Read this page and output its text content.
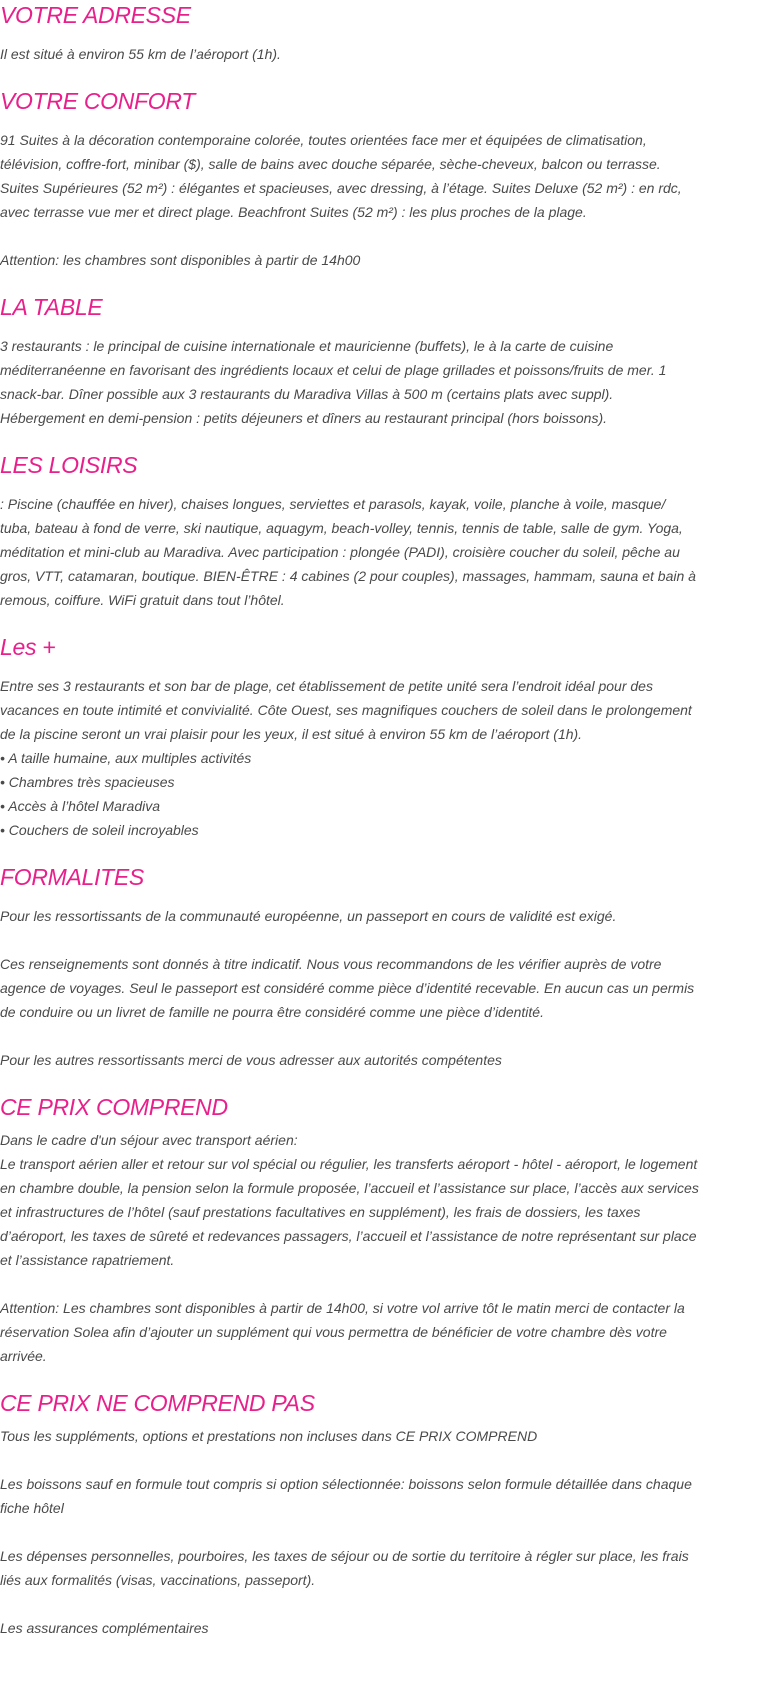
VOTRE ADRESSE

Il est situé à environ 55 km de l’aéroport (1h).

VOTRE CONFORT

91 Suites à la décoration contemporaine colorée, toutes orientées face mer et équipées de climatisation, télévision, coffre-fort, minibar ($), salle de bains avec douche séparée, sèche-cheveux, balcon ou terrasse. Suites Supérieures (52 m²) : élégantes et spacieuses, avec dressing, à l’étage. Suites Deluxe (52 m²) : en rdc, avec terrasse vue mer et direct plage. Beachfront Suites (52 m²) : les plus proches de la plage.

Attention: les chambres sont disponibles à partir de 14h00

LA TABLE

3 restaurants : le principal de cuisine internationale et mauricienne (buffets), le à la carte de cuisine méditerranéenne en favorisant des ingrédients locaux et celui de plage grillades et poissons/fruits de mer. 1 snack-bar. Dîner possible aux 3 restaurants du Maradiva Villas à 500 m (certains plats avec suppl). Hébergement en demi-pension : petits déjeuners et dîners au restaurant principal (hors boissons).

LES LOISIRS

: Piscine (chauffée en hiver), chaises longues, serviettes et parasols, kayak, voile, planche à voile, masque/ tuba, bateau à fond de verre, ski nautique, aquagym, beach-volley, tennis, tennis de table, salle de gym. Yoga, méditation et mini-club au Maradiva. Avec participation : plongée (PADI), croisière coucher du soleil, pêche au gros, VTT, catamaran, boutique. BIEN-ÊTRE : 4 cabines (2 pour couples), massages, hammam, sauna et bain à remous, coiffure. WiFi gratuit dans tout l’hôtel.

Les +

Entre ses 3 restaurants et son bar de plage, cet établissement de petite unité sera l’endroit idéal pour des vacances en toute intimité et convivialité. Côte Ouest, ses magnifiques couchers de soleil dans le prolongement de la piscine seront un vrai plaisir pour les yeux, il est situé à environ 55 km de l’aéroport (1h).

• A taille humaine, aux multiples activités

• Chambres très spacieuses

• Accès à l’hôtel Maradiva

• Couchers de soleil incroyables

FORMALITES

Pour les ressortissants de la communauté européenne, un passeport en cours de validité est exigé.

Ces renseignements sont donnés à titre indicatif. Nous vous recommandons de les vérifier auprès de votre agence de voyages. Seul le passeport est considéré comme pièce d’identité recevable. En aucun cas un permis de conduire ou un livret de famille ne pourra être considéré comme une pièce d’identité.

Pour les autres ressortissants merci de vous adresser aux autorités compétentes

CE PRIX COMPREND

Dans le cadre d'un séjour avec transport aérien:

Le transport aérien aller et retour sur vol spécial ou régulier, les transferts aéroport - hôtel - aéroport, le logement en chambre double, la pension selon la formule proposée, l’accueil et l’assistance sur place, l’accès aux services et infrastructures de l’hôtel (sauf prestations facultatives en supplément), les frais de dossiers, les taxes d’aéroport, les taxes de sûreté et redevances passagers, l’accueil et l’assistance de notre représentant sur place et l’assistance rapatriement.

Attention: Les chambres sont disponibles à partir de 14h00, si votre vol arrive tôt le matin merci de contacter la réservation Solea afin d’ajouter un supplément qui vous permettra de bénéficier de votre chambre dès votre arrivée.

CE PRIX NE COMPREND PAS

Tous les suppléments, options et prestations non incluses dans CE PRIX COMPREND

Les boissons sauf en formule tout compris si option sélectionnée: boissons selon formule détaillée dans chaque fiche hôtel

Les dépenses personnelles, pourboires, les taxes de séjour ou de sortie du territoire à régler sur place, les frais liés aux formalités (visas, vaccinations, passeport).

Les assurances complémentaires
